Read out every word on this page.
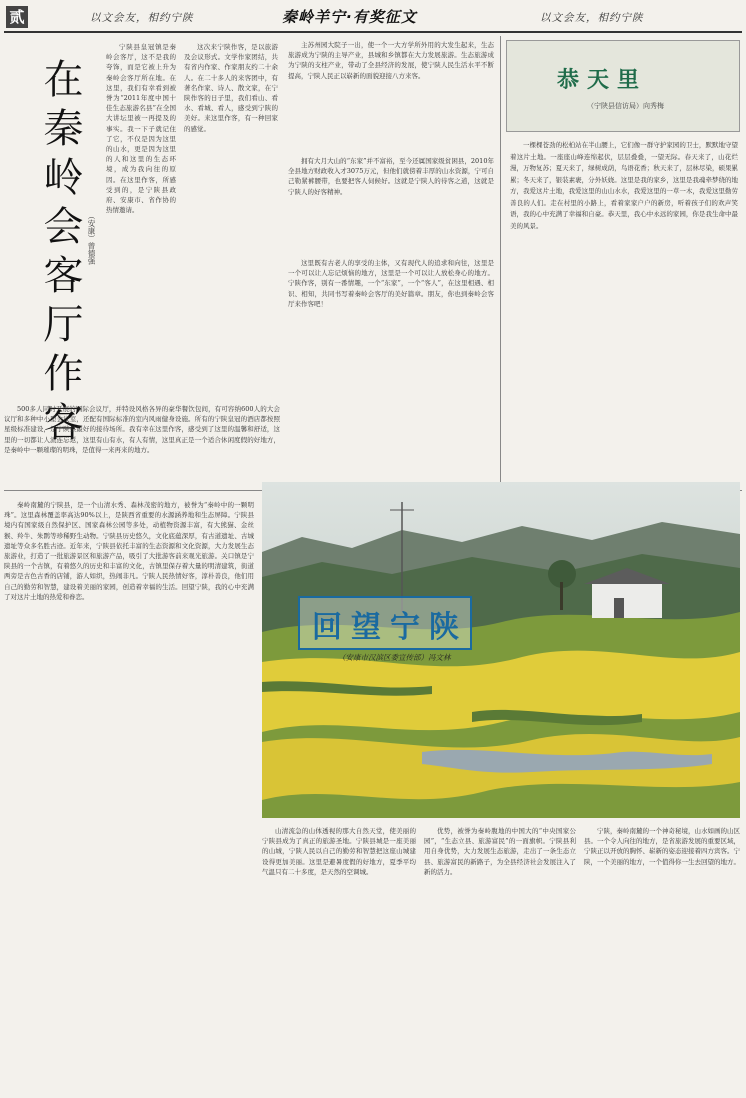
贰	以文会友，相约宁陕	秦岭羊宁·有奖征文	以文会友，相约宁陕
在秦岭会客厅作客 （安康）曾德强
宁陕县皇冠镇是秦岭会客厅，这不是我的夸饰，而是它被上升为秦岭会客厅所在地。在这里，我们有幸看到被誉为“2011年度中国十佳生态旅游名县”在全国大讲坛里被一再提及的事实。我一下子就记住了它，不仅是因为这里的山水，更是因为这里的人和这里的生态环境，成为我向往的原因。在这里作客，所感受到的，是宁陕县政府、安康市、省作协的热情邀请。
这次来宁陕作客，是以旅游及会议形式。文学作家团结，共有省内作家、作家朋友约二十余人。在二十多人的来客团中，有著名作家、诗人、散文家，在宁陕作客的日子里，我们看山、看水、看城、看人，感受到宁陕的美好。来这里作客，有一种回家的感觉。
500多人同时开展的国际会议厅，并特设风格各异的豪华餐饮包间，有可容纳600人的大会议厅和多种中小型会议室，还配有国际标准的室内风雨健身设施。所有的宁陕皇冠的酒店都按照星级标准建设，是宁陕县最好的接待场所。我有幸在这里作客，感受到了这里的温馨和舒适，这里的一切都让人流连忘返，这里有山有水，有人有情，这里真正是一个适合休闲度假的好地方，是秦岭中一颗璀璨的明珠，是值得一来再来的地方。
主苏州园大院子一出，使一个一大方学所外用的大发生起来，生态旅游成为宁陕的主导产业，县城和乡镇都在大力发展旅游。生态旅游成为宁陕的支柱产业，带动了全县经济的发展，使宁陕人民生活水平不断提高，宁陕人民正以崭新的面貌迎接八方来客。
拥有大月大山的“东家”并不富裕，至今还属国家级贫困县，2010年全县地方财政收入才3075万元，但他们就傍着丰厚的山水资源，宁可自己勒紧裤腰带，也要把客人伺候好。这就是宁陕人的待客之道，这就是宁陕人的好客精神。
这里既有古老人的享受的主体，又有现代人的追求和向往，这里是一个可以让人忘记烦恼的地方，这里是一个可以让人放松身心的地方。宁陕作客，别有一番情趣，一个“东家”，一个“客人”，在这里相遇、相识、相知，共同书写着秦岭会客厅的美好篇章。朋友，你也到秦岭会客厅来作客吧！
恭天里
（宁陕县信访局）向秀梅
一棵棵苍劲的松柏站在半山腰上，它们像一群守护家园的卫士，默默地守望着这片土地。一座座山峰连绵起伏，层层叠叠，一望无际。春天来了，山花烂漫，万物复苏；夏天来了，绿树成荫，鸟语花香；秋天来了，层林尽染，硕果累累；冬天来了，银装素裹，分外妖娆。这里是我的家乡，这里是我魂牵梦绕的地方，我爱这片土地，我爱这里的山山水水，我爱这里的一草一木，我爱这里勤劳善良的人们。走在村里的小路上，看着家家户户的新房，听着孩子们的欢声笑语，我的心中充满了幸福和自豪。恭天里，我心中永远的家园，你是我生命中最美的风景。
秦岭南麓的宁陕县，是一个山清水秀、森林茂密的地方，被誉为“秦岭中的一颗明珠”。这里森林覆盖率高达90%以上，是陕西省重要的水源涵养地和生态屏障。宁陕县境内有国家级自然保护区、国家森林公园等多处，动植物资源丰富，有大熊猫、金丝猴、羚牛、朱鹮等珍稀野生动物。宁陕县历史悠久，文化底蕴深厚，有古道遗址、古城遗址等众多名胜古迹。近年来，宁陕县依托丰富的生态资源和文化资源，大力发展生态旅游业，打造了一批旅游景区和旅游产品，吸引了大批游客前来观光旅游。关口镇是宁陕县的一个古镇，有着悠久的历史和丰富的文化，古镇里保存着大量的明清建筑，街道两旁是古色古香的店铺，游人如织，热闹非凡。宁陕人民热情好客，淳朴善良，他们用自己的勤劳和智慧，建设着美丽的家园，创造着幸福的生活。回望宁陕，我的心中充满了对这片土地的热爱和眷恋。
回望宁陕
（安康市汉滨区委宣传部）冯文林
山清流急的山体透视的那大自然天堂，使美丽的宁陕县成为了真正的旅游圣地。宁陕县城是一座美丽的山城，宁陕人民以自己的勤劳和智慧把这座山城建设得更加美丽。这里是避暑度假的好地方，夏季平均气温只有二十多度，是天然的空调城。
优势，被誉为秦岭腹地的中国大的“中央国家公园”，“生态立县、旅游富民”的一面旗帜。宁陕县利用自身优势，大力发展生态旅游，走出了一条生态立县、旅游富民的新路子，为全县经济社会发展注入了新的活力。
宁陕，秦岭南麓的一个神奇秘境，山水如画的山区县。一个令人向往的地方，是省旅游发展的重要区域，宁陕正以开放的胸怀、崭新的姿态迎接着四方宾客。宁陕，一个美丽的地方，一个值得你一生去回望的地方。
